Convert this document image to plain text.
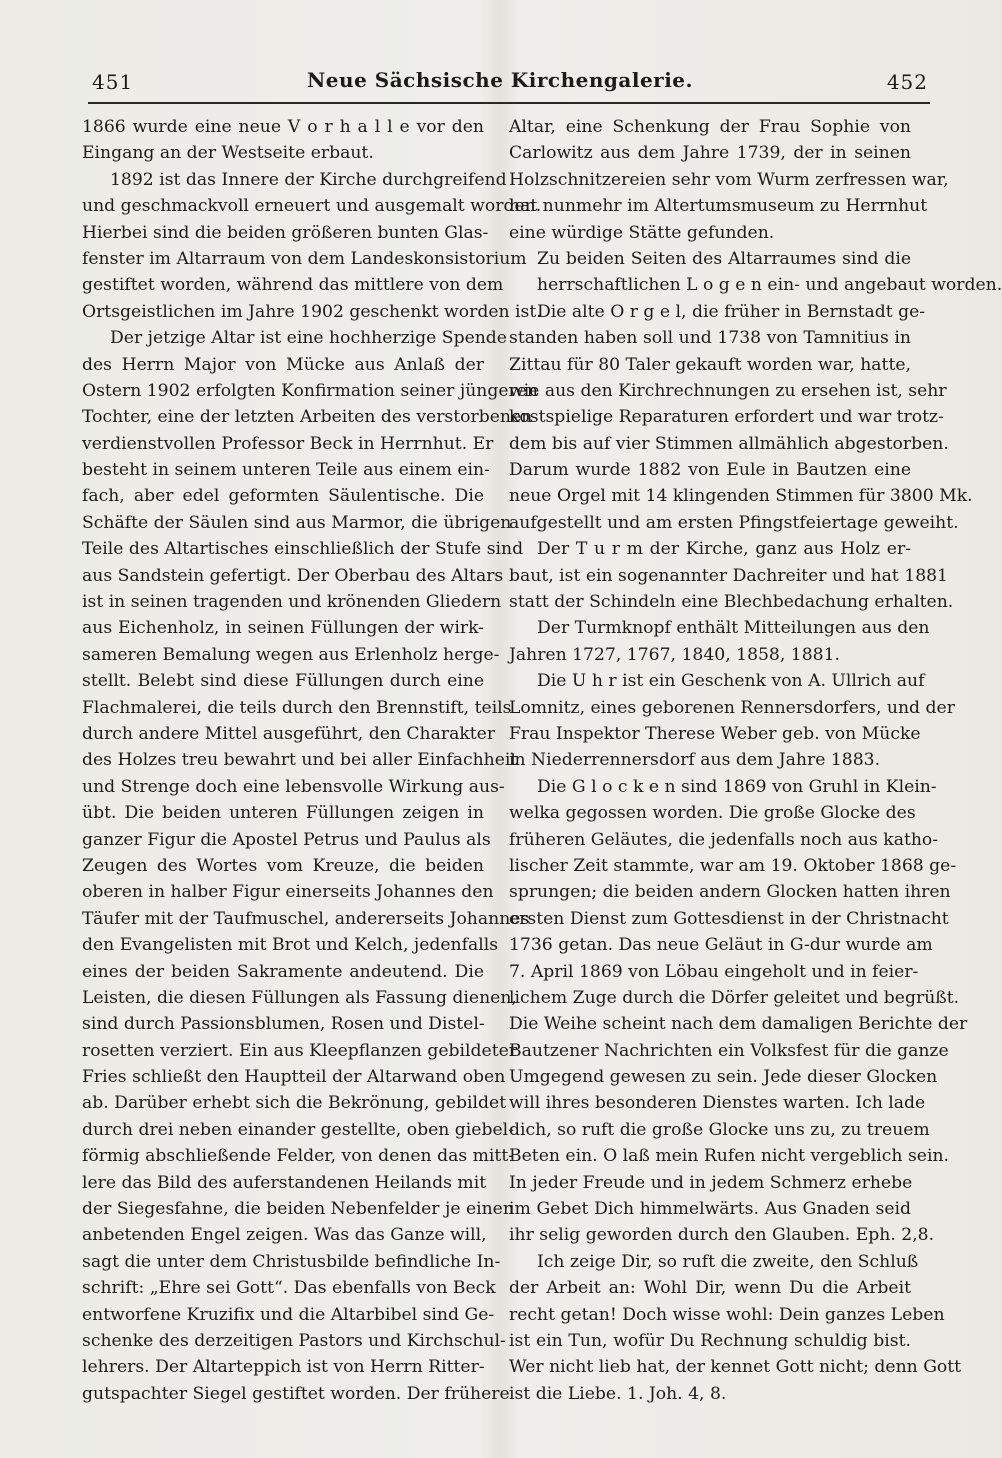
451	Neue Sächsische Kirchengalerie.	452
1866 wurde eine neue V o r h a l l e vor den
Eingang an der Westseite erbaut.
1892 ist das Innere der Kirche durchgreifend
und geschmackvoll erneuert und ausgemalt worden.
Hierbei sind die beiden größeren bunten Glas-
fenster im Altarraum von dem Landeskonsistorium
gestiftet worden, während das mittlere von dem
Ortsgeistlichen im Jahre 1902 geschenkt worden ist.
Der jetzige Altar ist eine hochherzige Spende
des Herrn Major von Mücke aus Anlaß der
Ostern 1902 erfolgten Konfirmation seiner jüngeren
Tochter, eine der letzten Arbeiten des verstorbenen
verdienstvollen Professor Beck in Herrnhut. Er
besteht in seinem unteren Teile aus einem ein-
fach, aber edel geformten Säulentische. Die
Schäfte der Säulen sind aus Marmor, die übrigen
Teile des Altartisches einschließlich der Stufe sind
aus Sandstein gefertigt. Der Oberbau des Altars
ist in seinen tragenden und krönenden Gliedern
aus Eichenholz, in seinen Füllungen der wirk-
sameren Bemalung wegen aus Erlenholz herge-
stellt. Belebt sind diese Füllungen durch eine
Flachmalerei, die teils durch den Brennstift, teils
durch andere Mittel ausgeführt, den Charakter
des Holzes treu bewahrt und bei aller Einfachheit
und Strenge doch eine lebensvolle Wirkung aus-
übt. Die beiden unteren Füllungen zeigen in
ganzer Figur die Apostel Petrus und Paulus als
Zeugen des Wortes vom Kreuze, die beiden
oberen in halber Figur einerseits Johannes den
Täufer mit der Taufmuschel, andererseits Johannes
den Evangelisten mit Brot und Kelch, jedenfalls
eines der beiden Sakramente andeutend. Die
Leisten, die diesen Füllungen als Fassung dienen,
sind durch Passionsblumen, Rosen und Distel-
rosetten verziert. Ein aus Kleepflanzen gebildeter
Fries schließt den Hauptteil der Altarwand oben
ab. Darüber erhebt sich die Bekrönung, gebildet
durch drei neben einander gestellte, oben giebel-
förmig abschließende Felder, von denen das mitt-
lere das Bild des auferstandenen Heilands mit
der Siegesfahne, die beiden Nebenfelder je einen
anbetenden Engel zeigen. Was das Ganze will,
sagt die unter dem Christusbilde befindliche In-
schrift: „Ehre sei Gott“. Das ebenfalls von Beck
entworfene Kruzifix und die Altarbibel sind Ge-
schenke des derzeitigen Pastors und Kirchschul-
lehrers. Der Altarteppich ist von Herrn Ritter-
gutspachter Siegel gestiftet worden. Der frühere
Altar, eine Schenkung der Frau Sophie von
Carlowitz aus dem Jahre 1739, der in seinen
Holzschnitzereien sehr vom Wurm zerfressen war,
hat nunmehr im Altertumsmuseum zu Herrnhut
eine würdige Stätte gefunden.
Zu beiden Seiten des Altarraumes sind die
herrschaftlichen L o g e n ein- und angebaut worden.
Die alte O r g e l, die früher in Bernstadt ge-
standen haben soll und 1738 von Tamnitius in
Zittau für 80 Taler gekauft worden war, hatte,
wie aus den Kirchrechnungen zu ersehen ist, sehr
kostspielige Reparaturen erfordert und war trotz-
dem bis auf vier Stimmen allmählich abgestorben.
Darum wurde 1882 von Eule in Bautzen eine
neue Orgel mit 14 klingenden Stimmen für 3800 Mk.
aufgestellt und am ersten Pfingstfeiertage geweiht.
Der T u r m der Kirche, ganz aus Holz er-
baut, ist ein sogenannter Dachreiter und hat 1881
statt der Schindeln eine Blechbedachung erhalten.
Der Turmknopf enthält Mitteilungen aus den
Jahren 1727, 1767, 1840, 1858, 1881.
Die U h r ist ein Geschenk von A. Ullrich auf
Lomnitz, eines geborenen Rennersdorfers, und der
Frau Inspektor Therese Weber geb. von Mücke
in Niederrennersdorf aus dem Jahre 1883.
Die G l o c k e n sind 1869 von Gruhl in Klein-
welka gegossen worden. Die große Glocke des
früheren Geläutes, die jedenfalls noch aus katho-
lischer Zeit stammte, war am 19. Oktober 1868 ge-
sprungen; die beiden andern Glocken hatten ihren
ersten Dienst zum Gottesdienst in der Christnacht
1736 getan. Das neue Geläut in G-dur wurde am
7. April 1869 von Löbau eingeholt und in feier-
lichem Zuge durch die Dörfer geleitet und begrüßt.
Die Weihe scheint nach dem damaligen Berichte der
Bautzener Nachrichten ein Volksfest für die ganze
Umgegend gewesen zu sein. Jede dieser Glocken
will ihres besonderen Dienstes warten. Ich lade
dich, so ruft die große Glocke uns zu, zu treuem
Beten ein. O laß mein Rufen nicht vergeblich sein.
In jeder Freude und in jedem Schmerz erhebe
im Gebet Dich himmelwärts. Aus Gnaden seid
ihr selig geworden durch den Glauben. Eph. 2,8.
Ich zeige Dir, so ruft die zweite, den Schluß
der Arbeit an: Wohl Dir, wenn Du die Arbeit
recht getan! Doch wisse wohl: Dein ganzes Leben
ist ein Tun, wofür Du Rechnung schuldig bist.
Wer nicht lieb hat, der kennet Gott nicht; denn Gott
ist die Liebe. 1. Joh. 4, 8.
